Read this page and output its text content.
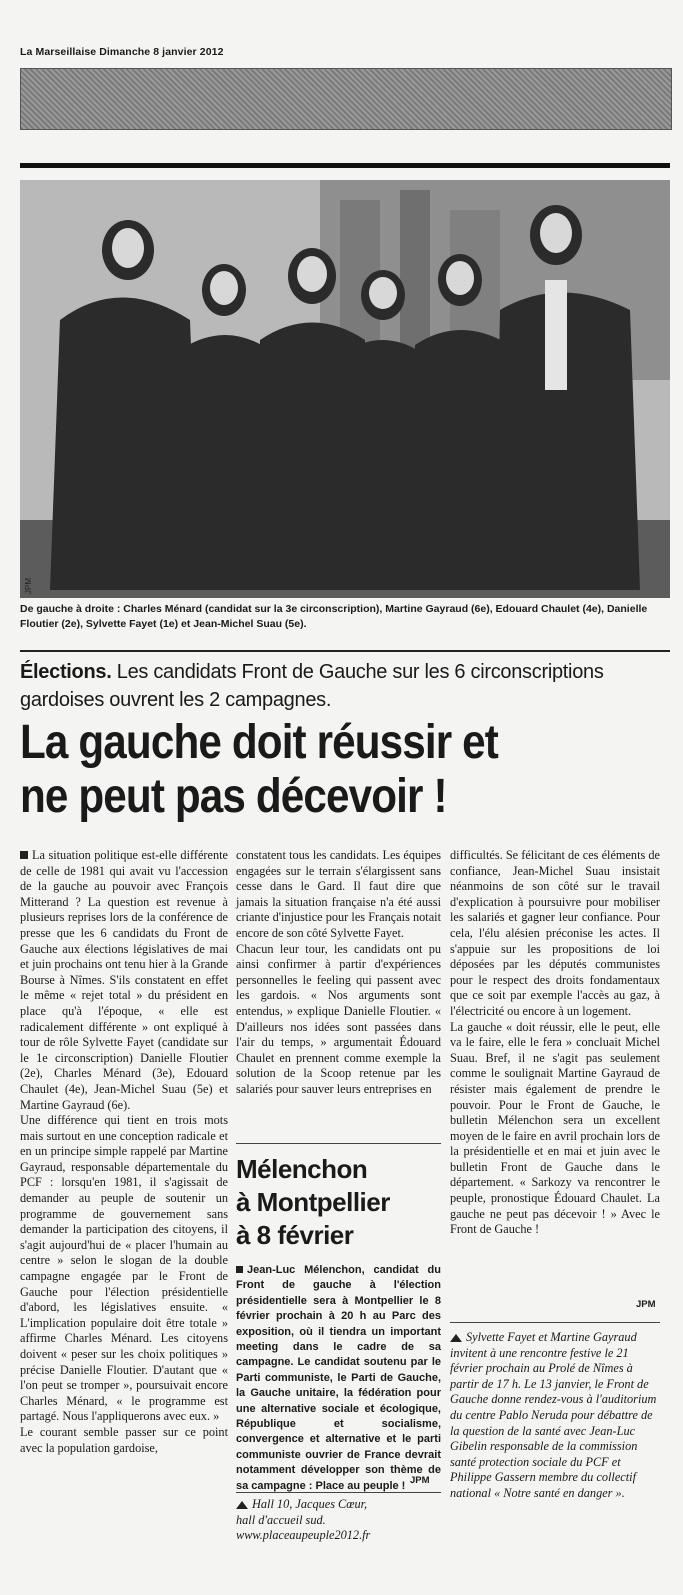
La Marseillaise Dimanche 8 janvier 2012
JPM
De gauche à droite : Charles Ménard (candidat sur la 3e circonscription), Martine Gayraud (6e), Edouard Chaulet (4e), Danielle Floutier (2e), Sylvette Fayet (1e) et Jean-Michel Suau (5e).
Élections. Les candidats Front de Gauche sur les 6 circonscriptions gardoises ouvrent les 2 campagnes.
La gauche doit réussir et
ne peut pas décevoir !

La situation politique est-elle différente de celle de 1981 qui avait vu l'accession de la gauche au pouvoir avec François Mitterand ? La question est revenue à plusieurs reprises lors de la conférence de presse que les 6 candidats du Front de Gauche aux élections législatives de mai et juin prochains ont tenu hier à la Grande Bourse à Nîmes. S'ils constatent en effet le même « rejet total » du président en place qu'à l'époque, « elle est radicalement différente » ont expliqué à tour de rôle Sylvette Fayet (candidate sur le 1e circonscription) Danielle Floutier (2e), Charles Ménard (3e), Edouard Chaulet (4e), Jean-Michel Suau (5e) et Martine Gayraud (6e).

Une différence qui tient en trois mots mais surtout en une conception radicale et en un principe simple rappelé par Martine Gayraud, responsable départementale du PCF : lorsqu'en 1981, il s'agissait de demander au peuple de soutenir un programme de gouvernement sans demander la participation des citoyens, il s'agit aujourd'hui de « placer l'humain au centre » selon le slogan de la double campagne engagée par le Front de Gauche pour l'élection présidentielle d'abord, les législatives ensuite. « L'implication populaire doit être totale » affirme Charles Ménard. Les citoyens doivent « peser sur les choix politiques » précise Danielle Floutier. D'autant que « l'on peut se tromper », poursuivait encore Charles Ménard, « le programme est partagé. Nous l'appliquerons avec eux. »

Le courant semble passer sur ce point avec la population gardoise,

constatent tous les candidats. Les équipes engagées sur le terrain s'élargissent sans cesse dans le Gard. Il faut dire que jamais la situation française n'a été aussi criante d'injustice pour les Français notait encore de son côté Sylvette Fayet.

Chacun leur tour, les candidats ont pu ainsi confirmer à partir d'expériences personnelles le feeling qui passent avec les gardois. « Nos arguments sont entendus, » explique Danielle Floutier. « D'ailleurs nos idées sont passées dans l'air du temps, » argumentait Édouard Chaulet en prennent comme exemple la solution de la Scoop retenue par les salariés pour sauver leurs entreprises en

Mélenchon
à Montpellier
à 8 février
Jean-Luc Mélenchon, candidat du Front de gauche à l'élection présidentielle sera à Montpellier le 8 février prochain à 20 h au Parc des exposition, où il tiendra un important meeting dans le cadre de sa campagne. Le candidat soutenu par le Parti communiste, le Parti de Gauche, la Gauche unitaire, la fédération pour une alternative sociale et écologique, République et socialisme, convergence et alternative et le parti communiste ouvrier de France devrait notamment développer son thème de sa campagne : Place au peuple ! JPM
Hall 10, Jacques Cœur,
hall d'accueil sud.
www.placeaupeuple2012.fr

difficultés. Se félicitant de ces éléments de confiance, Jean-Michel Suau insistait néanmoins de son côté sur le travail d'explication à poursuivre pour mobiliser les salariés et gagner leur confiance. Pour cela, l'élu alésien préconise les actes. Il s'appuie sur les propositions de loi déposées par les députés communistes pour le respect des droits fondamentaux que ce soit par exemple l'accès au gaz, à l'électricité ou encore à un logement.

La gauche « doit réussir, elle le peut, elle va le faire, elle le fera » concluait Michel Suau. Bref, il ne s'agit pas seulement comme le soulignait Martine Gayraud de résister mais également de prendre le pouvoir. Pour le Front de Gauche, le bulletin Mélenchon sera un excellent moyen de le faire en avril prochain lors de la présidentielle et en mai et juin avec le bulletin Front de Gauche dans le département. « Sarkozy va rencontrer le peuple, pronostique Édouard Chaulet. La gauche ne peut pas décevoir ! » Avec le Front de Gauche !

JPM
Sylvette Fayet et Martine Gayraud invitent à une rencontre festive le 21 février prochain au Prolé de Nîmes à partir de 17 h. Le 13 janvier, le Front de Gauche donne rendez-vous à l'auditorium du centre Pablo Neruda pour débattre de la question de la santé avec Jean-Luc Gibelin responsable de la commission santé protection sociale du PCF et Philippe Gassern membre du collectif national « Notre santé en danger ».
